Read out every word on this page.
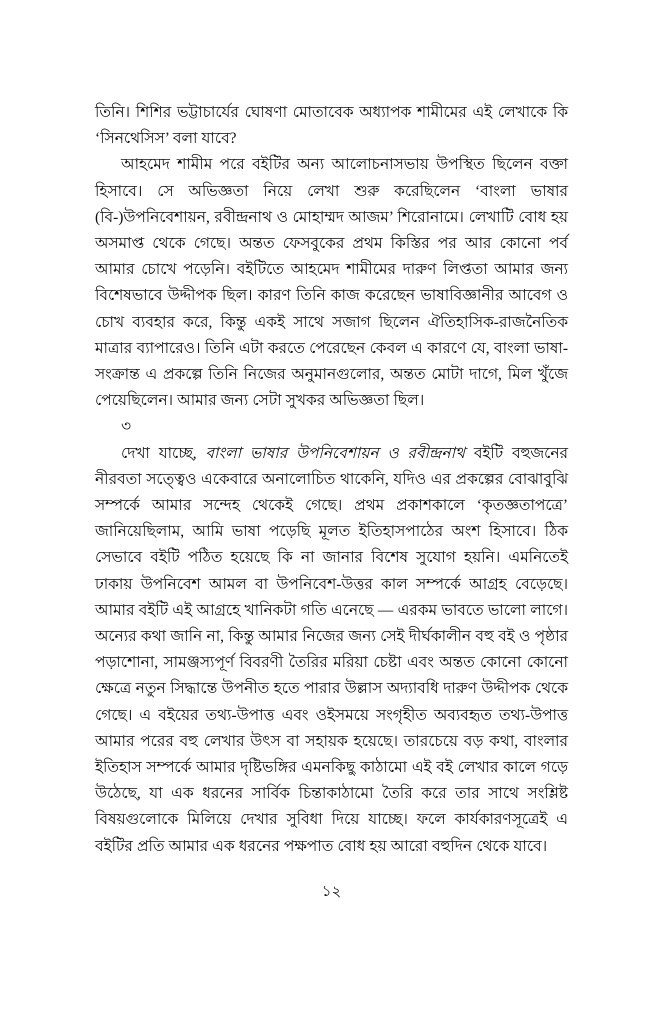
তিনি। শিশির ভট্টাচার্যের ঘোষণা মোতাবেক অধ্যাপক শামীমের এই লেখাকে কি ‘সিনথেসিস’ বলা যাবে?

আহমেদ শামীম পরে বইটির অন্য আলোচনাসভায় উপস্থিত ছিলেন বক্তা হিসাবে। সে অভিজ্ঞতা নিয়ে লেখা শুরু করেছিলেন ‘বাংলা ভাষার (বি-)উপনিবেশায়ন, রবীন্দ্রনাথ ও মোহাম্মদ আজম’ শিরোনামে। লেখাটি বোধ হয় অসমাপ্ত থেকে গেছে। অন্তত ফেসবুকের প্রথম কিস্তির পর আর কোনো পর্ব আমার চোখে পড়েনি। বইটিতে আহমেদ শামীমের দারুণ লিপ্ততা আমার জন্য বিশেষভাবে উদ্দীপক ছিল। কারণ তিনি কাজ করেছেন ভাষাবিজ্ঞানীর আবেগ ও চোখ ব্যবহার করে, কিন্তু একই সাথে সজাগ ছিলেন ঐতিহাসিক-রাজনৈতিক মাত্রার ব্যাপারেও। তিনি এটা করতে পেরেছেন কেবল এ কারণে যে, বাংলা ভাষা-সংক্রান্ত এ প্রকল্পে তিনি নিজের অনুমানগুলোর, অন্তত মোটা দাগে, মিল খুঁজে পেয়েছিলেন। আমার জন্য সেটা সুখকর অভিজ্ঞতা ছিল।

৩

দেখা যাচ্ছে, বাংলা ভাষার উপনিবেশায়ন ও রবীন্দ্রনাথ বইটি বহুজনের নীরবতা সত্ত্বেও একেবারে অনালোচিত থাকেনি, যদিও এর প্রকল্পের বোঝাবুঝি সম্পর্কে আমার সন্দেহ থেকেই গেছে। প্রথম প্রকাশকালে ‘কৃতজ্ঞতাপত্রে’ জানিয়েছিলাম, আমি ভাষা পড়েছি মূলত ইতিহাসপাঠের অংশ হিসাবে। ঠিক সেভাবে বইটি পঠিত হয়েছে কি না জানার বিশেষ সুযোগ হয়নি। এমনিতেই ঢাকায় উপনিবেশ আমল বা উপনিবেশ-উত্তর কাল সম্পর্কে আগ্রহ বেড়েছে। আমার বইটি এই আগ্রহে খানিকটা গতি এনেছে — এরকম ভাবতে ভালো লাগে। অন্যের কথা জানি না, কিন্তু আমার নিজের জন্য সেই দীর্ঘকালীন বহু বই ও পৃষ্ঠার পড়াশোনা, সামঞ্জস্যপূর্ণ বিবরণী তৈরির মরিয়া চেষ্টা এবং অন্তত কোনো কোনো ক্ষেত্রে নতুন সিদ্ধান্তে উপনীত হতে পারার উল্লাস অদ্যাবধি দারুণ উদ্দীপক থেকে গেছে। এ বইয়ের তথ্য-উপাত্ত এবং ওইসময়ে সংগৃহীত অব্যবহৃত তথ্য-উপাত্ত আমার পরের বহু লেখার উৎস বা সহায়ক হয়েছে। তারচেয়ে বড় কথা, বাংলার ইতিহাস সম্পর্কে আমার দৃষ্টিভঙ্গির এমনকিছু কাঠামো এই বই লেখার কালে গড়ে উঠেছে, যা এক ধরনের সার্বিক চিন্তাকাঠামো তৈরি করে তার সাথে সংশ্লিষ্ট বিষয়গুলোকে মিলিয়ে দেখার সুবিধা দিয়ে যাচ্ছে। ফলে কার্যকারণসূত্রেই এ বইটির প্রতি আমার এক ধরনের পক্ষপাত বোধ হয় আরো বহুদিন থেকে যাবে।

১২
